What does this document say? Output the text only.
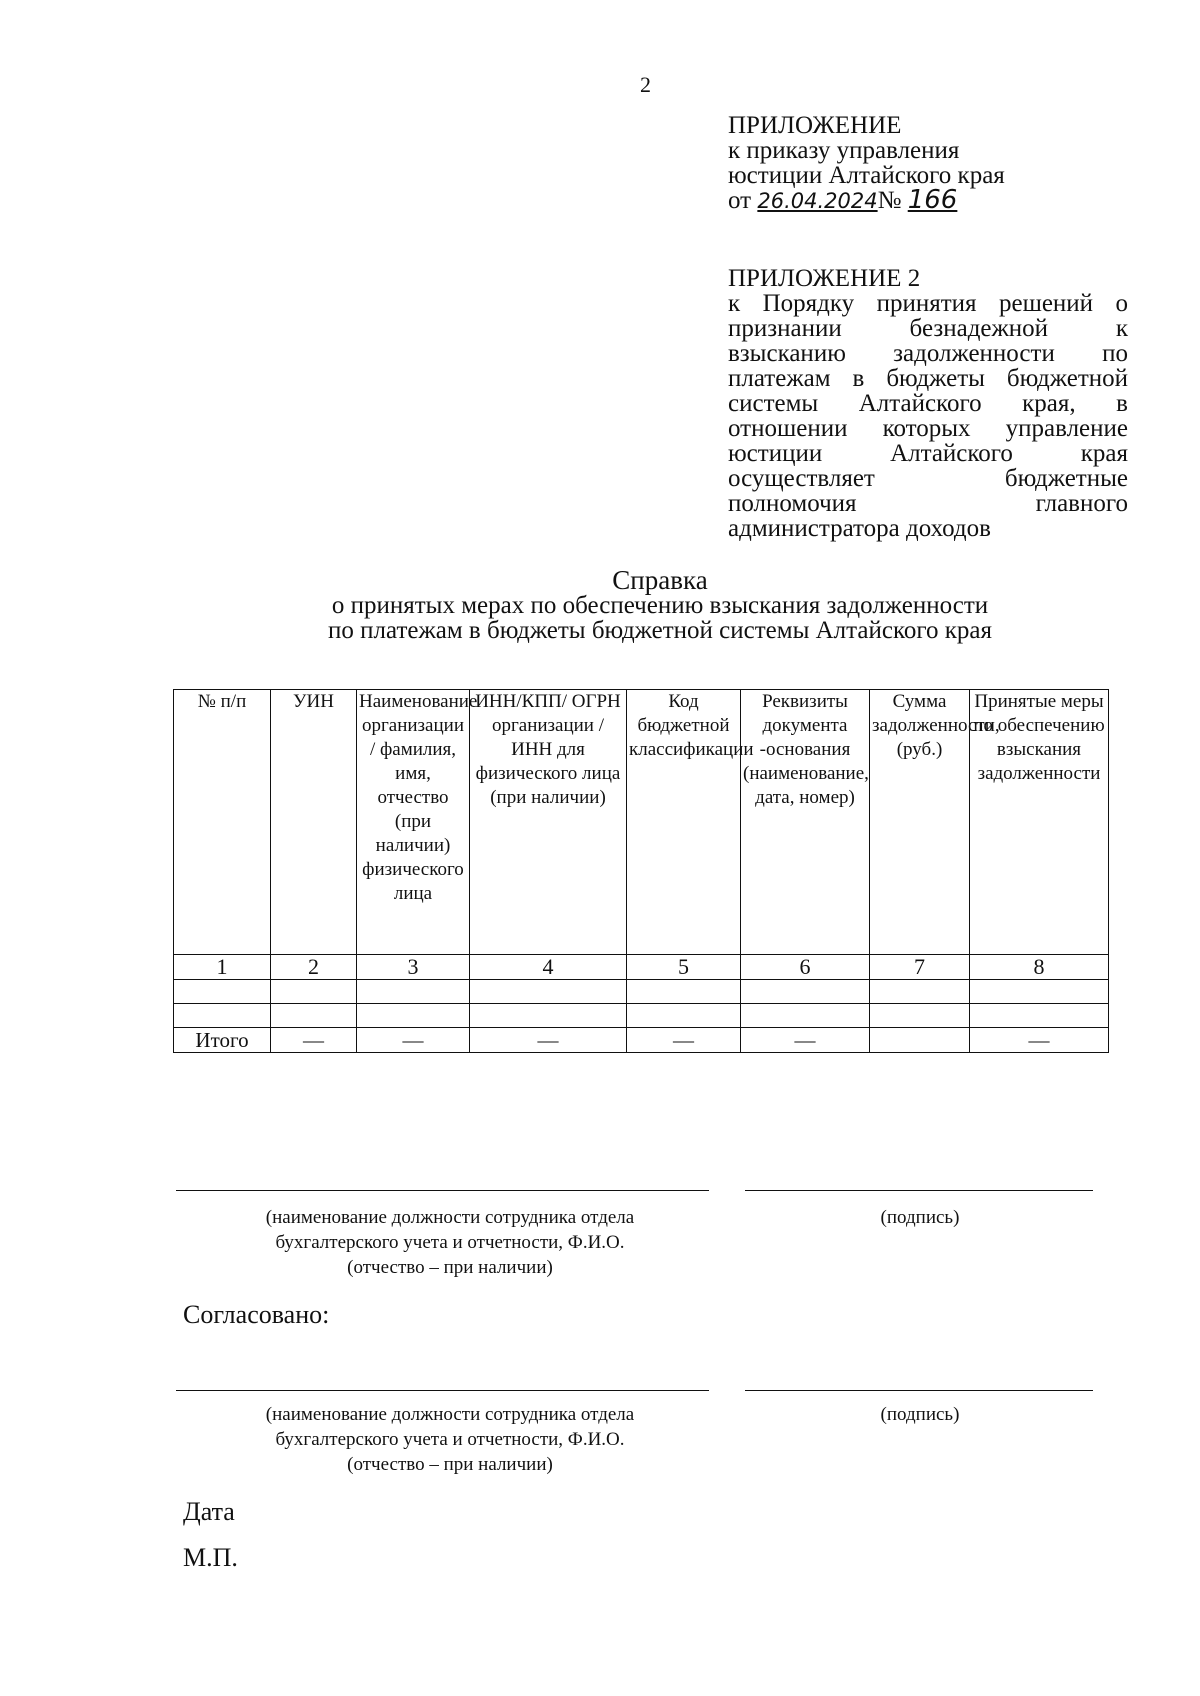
2
ПРИЛОЖЕНИЕ
к приказу управления
юстиции Алтайского края
от 26.04.2024№ 166
ПРИЛОЖЕНИЕ 2
к Порядку принятия решений о
признании безнадежной к
взысканию задолженности по
платежам в бюджеты бюджетной
системы Алтайского края, в
отношении которых управление
юстиции Алтайского края
осуществляет бюджетные
полномочия главного
администратора доходов
Справка
о принятых мерах по обеспечению взыскания задолженности
по платежам в бюджеты бюджетной системы Алтайского края
№ п/п	УИН	Наименование организации / фамилия, имя, отчество (при наличии) физического лица	ИНН/КПП/ ОГРН организации / ИНН для физического лица (при наличии)	Код бюджетной классификации	Реквизиты документа -основания (наименование, дата, номер)	Сумма задолженности, (руб.)	Принятые меры по обеспечению взыскания задолженности
1	2	3	4	5	6	7	8

Итого	—	—	—	—	—		—
(наименование должности сотрудника отдела
бухгалтерского учета и отчетности, Ф.И.О.
(отчество – при наличии)
(подпись)
Согласовано:
(наименование должности сотрудника отдела
бухгалтерского учета и отчетности, Ф.И.О.
(отчество – при наличии)
(подпись)
Дата
М.П.
